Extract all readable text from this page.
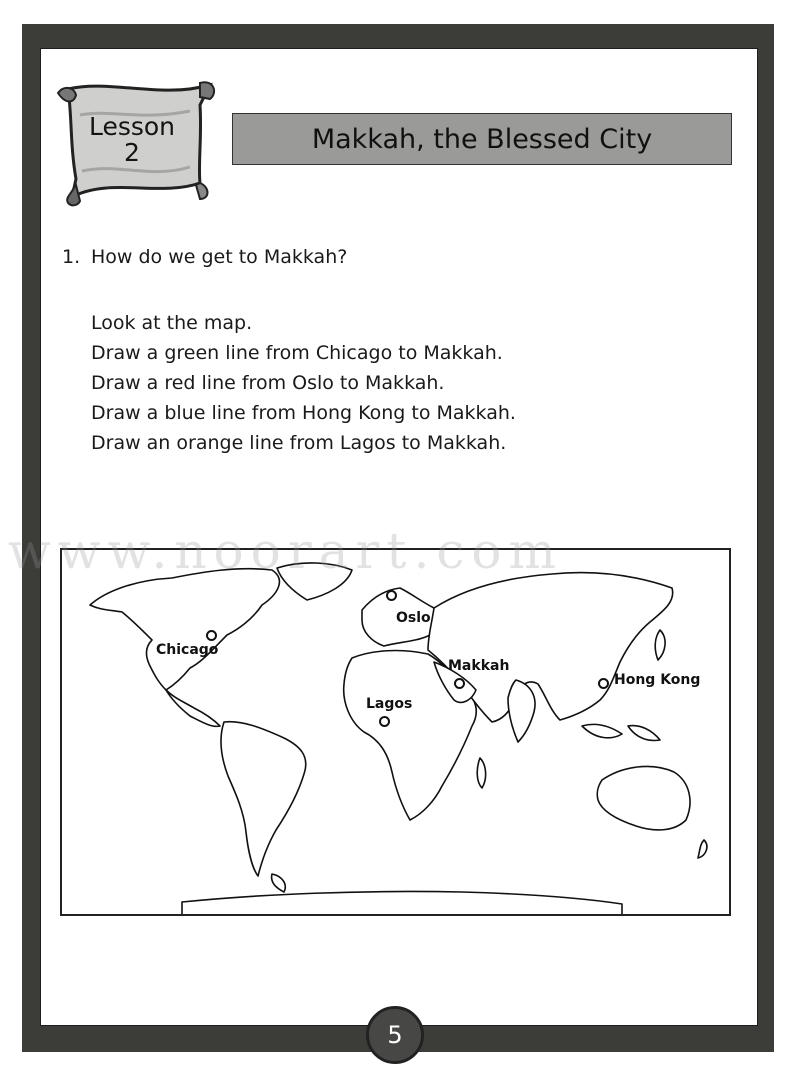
Lesson
2	Makkah, the Blessed City
1. How do we get to Makkah?
Look at the map.
Draw a green line from Chicago to Makkah.
Draw a red line from Oslo to Makkah.
Draw a blue line from Hong Kong to Makkah.
Draw an orange line from Lagos to Makkah.
Chicago
Oslo
Makkah
Lagos
Hong Kong
www.noorart.com
5
